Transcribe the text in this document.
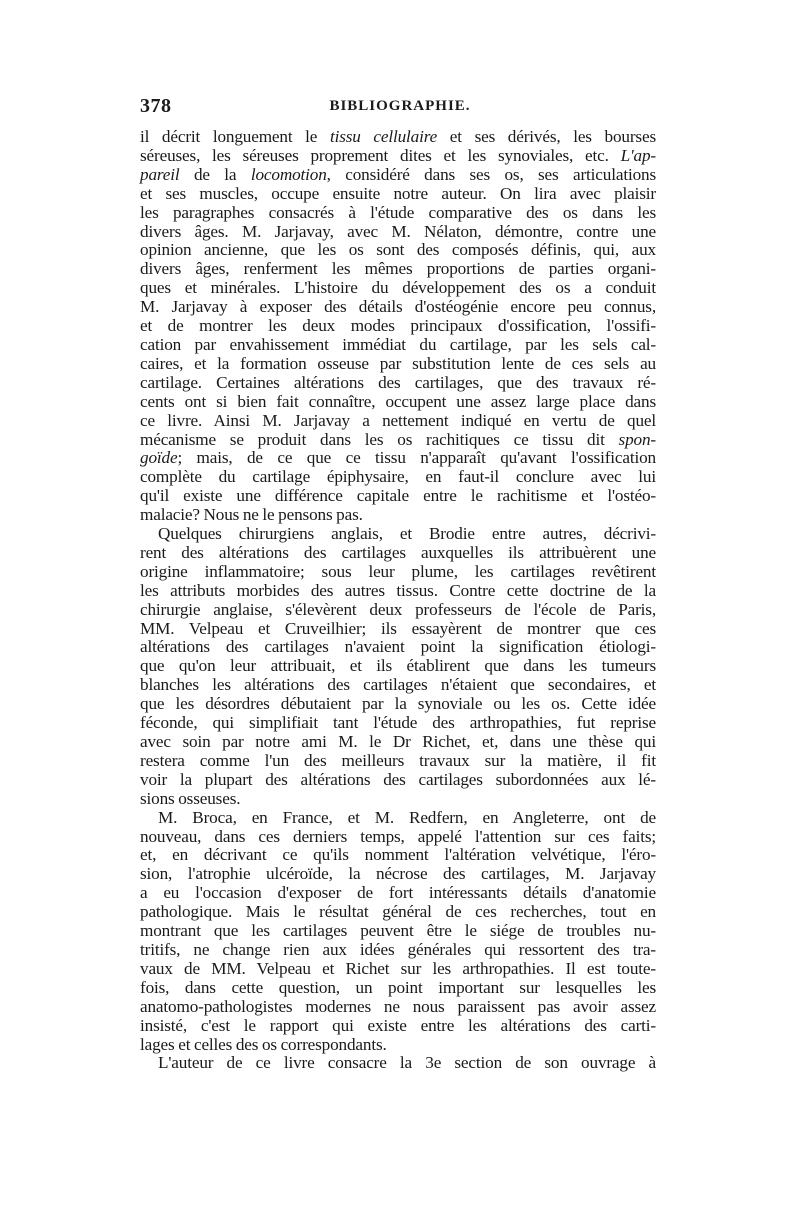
378	BIBLIOGRAPHIE.
il décrit longuement le tissu cellulaire et ses dérivés, les bourses
séreuses, les séreuses proprement dites et les synoviales, etc. L'ap-
pareil de la locomotion, considéré dans ses os, ses articulations
et ses muscles, occupe ensuite notre auteur. On lira avec plaisir
les paragraphes consacrés à l'étude comparative des os dans les
divers âges. M. Jarjavay, avec M. Nélaton, démontre, contre une
opinion ancienne, que les os sont des composés définis, qui, aux
divers âges, renferment les mêmes proportions de parties organi-
ques et minérales. L'histoire du développement des os a conduit
M. Jarjavay à exposer des détails d'ostéogénie encore peu connus,
et de montrer les deux modes principaux d'ossification, l'ossifi-
cation par envahissement immédiat du cartilage, par les sels cal-
caires, et la formation osseuse par substitution lente de ces sels au
cartilage. Certaines altérations des cartilages, que des travaux ré-
cents ont si bien fait connaître, occupent une assez large place dans
ce livre. Ainsi M. Jarjavay a nettement indiqué en vertu de quel
mécanisme se produit dans les os rachitiques ce tissu dit spon-
goïde; mais, de ce que ce tissu n'apparaît qu'avant l'ossification
complète du cartilage épiphysaire, en faut-il conclure avec lui
qu'il existe une différence capitale entre le rachitisme et l'ostéo-
malacie? Nous ne le pensons pas.
Quelques chirurgiens anglais, et Brodie entre autres, décrivi-
rent des altérations des cartilages auxquelles ils attribuèrent une
origine inflammatoire; sous leur plume, les cartilages revêtirent
les attributs morbides des autres tissus. Contre cette doctrine de la
chirurgie anglaise, s'élevèrent deux professeurs de l'école de Paris,
MM. Velpeau et Cruveilhier; ils essayèrent de montrer que ces
altérations des cartilages n'avaient point la signification étiologi-
que qu'on leur attribuait, et ils établirent que dans les tumeurs
blanches les altérations des cartilages n'étaient que secondaires, et
que les désordres débutaient par la synoviale ou les os. Cette idée
féconde, qui simplifiait tant l'étude des arthropathies, fut reprise
avec soin par notre ami M. le Dr Richet, et, dans une thèse qui
restera comme l'un des meilleurs travaux sur la matière, il fit
voir la plupart des altérations des cartilages subordonnées aux lé-
sions osseuses.
M. Broca, en France, et M. Redfern, en Angleterre, ont de
nouveau, dans ces derniers temps, appelé l'attention sur ces faits;
et, en décrivant ce qu'ils nomment l'altération velvétique, l'éro-
sion, l'atrophie ulcéroïde, la nécrose des cartilages, M. Jarjavay
a eu l'occasion d'exposer de fort intéressants détails d'anatomie
pathologique. Mais le résultat général de ces recherches, tout en
montrant que les cartilages peuvent être le siége de troubles nu-
tritifs, ne change rien aux idées générales qui ressortent des tra-
vaux de MM. Velpeau et Richet sur les arthropathies. Il est toute-
fois, dans cette question, un point important sur lesquelles les
anatomo-pathologistes modernes ne nous paraissent pas avoir assez
insisté, c'est le rapport qui existe entre les altérations des carti-
lages et celles des os correspondants.
L'auteur de ce livre consacre la 3e section de son ouvrage à
